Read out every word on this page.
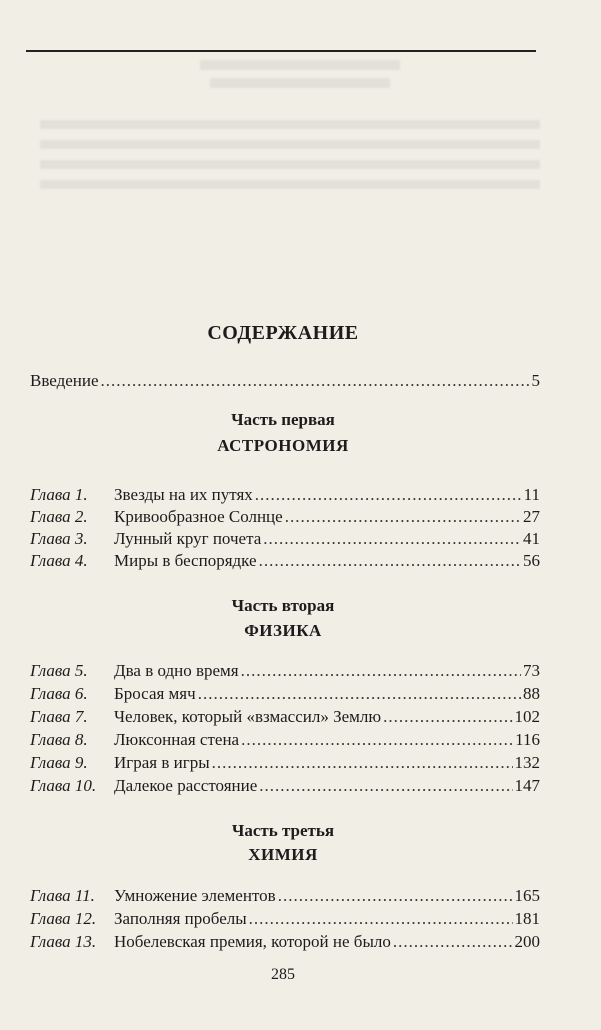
СОДЕРЖАНИЕ
Введение .....	5
Часть первая
АСТРОНОМИЯ
Глава 1.	Звезды на их путях .....	11
Глава 2.	Кривообразное Солнце .....	27
Глава 3.	Лунный круг почета .....	41
Глава 4.	Миры в беспорядке .....	56
Часть вторая
ФИЗИКА
Глава 5.	Два в одно время .....	73
Глава 6.	Бросая мяч .....	88
Глава 7.	Человек, который «взмассил» Землю .....	102
Глава 8.	Люксонная стена .....	116
Глава 9.	Играя в игры .....	132
Глава 10.	Далекое расстояние .....	147
Часть третья
ХИМИЯ
Глава 11.	Умножение элементов .....	165
Глава 12.	Заполняя пробелы .....	181
Глава 13.	Нобелевская премия, которой не было .....	200
285
